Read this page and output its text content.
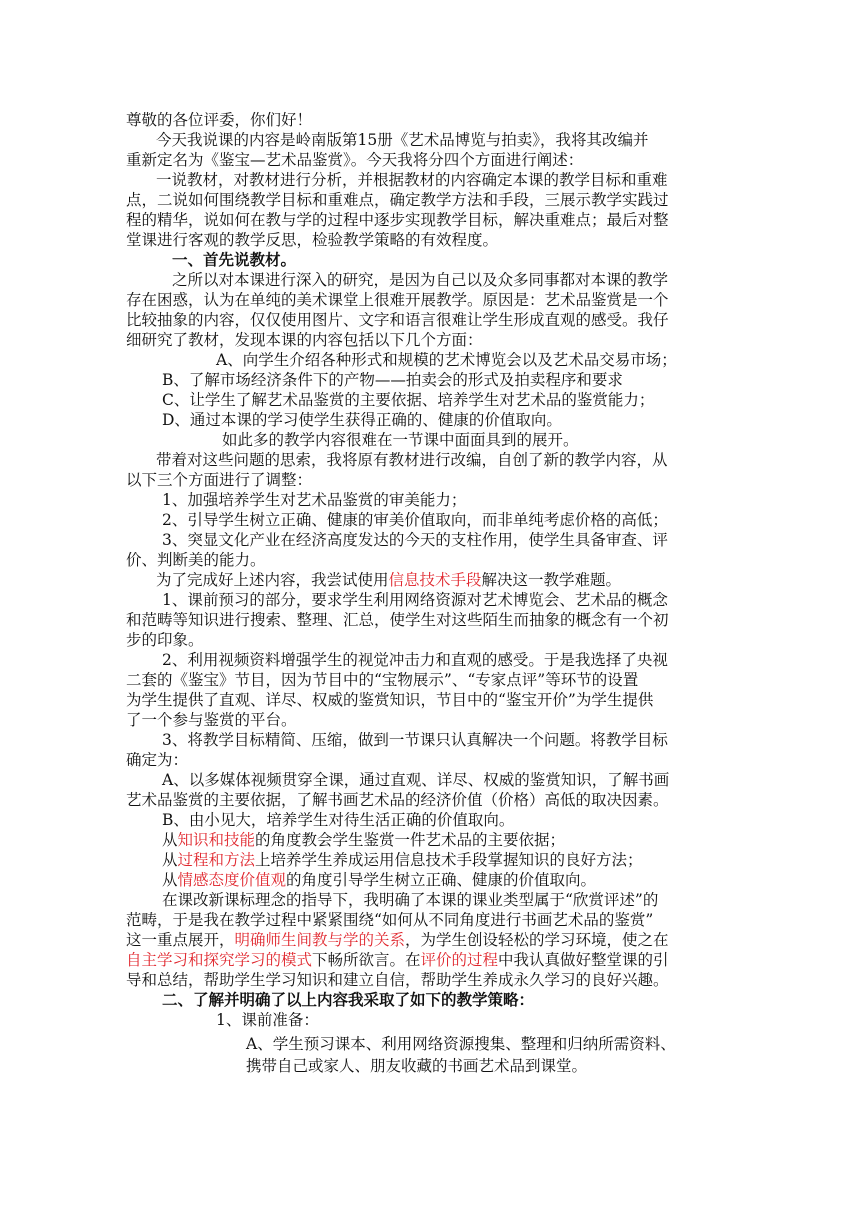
尊敬的各位评委，你们好！
今天我说课的内容是岭南版第15册《艺术品博览与拍卖》，我将其改编并
重新定名为《鉴宝—艺术品鉴赏》。今天我将分四个方面进行阐述：
一说教材，对教材进行分析，并根据教材的内容确定本课的教学目标和重难
点，二说如何围绕教学目标和重难点，确定教学方法和手段，三展示教学实践过
程的精华，说如何在教与学的过程中逐步实现教学目标，解决重难点；最后对整
堂课进行客观的教学反思，检验教学策略的有效程度。
一、首先说教材。
之所以对本课进行深入的研究，是因为自己以及众多同事都对本课的教学
存在困惑，认为在单纯的美术课堂上很难开展教学。原因是：艺术品鉴赏是一个
比较抽象的内容，仅仅使用图片、文字和语言很难让学生形成直观的感受。我仔
细研究了教材，发现本课的内容包括以下几个方面：
A、向学生介绍各种形式和规模的艺术博览会以及艺术品交易市场；
B、了解市场经济条件下的产物——拍卖会的形式及拍卖程序和要求
C、让学生了解艺术品鉴赏的主要依据、培养学生对艺术品的鉴赏能力；
D、通过本课的学习使学生获得正确的、健康的价值取向。
如此多的教学内容很难在一节课中面面具到的展开。
带着对这些问题的思索，我将原有教材进行改编，自创了新的教学内容，从
以下三个方面进行了调整：
1、加强培养学生对艺术品鉴赏的审美能力；
2、引导学生树立正确、健康的审美价值取向，而非单纯考虑价格的高低；
3、突显文化产业在经济高度发达的今天的支柱作用，使学生具备审查、评
价、判断美的能力。
为了完成好上述内容，我尝试使用信息技术手段解决这一教学难题。
1、课前预习的部分，要求学生利用网络资源对艺术博览会、艺术品的概念
和范畴等知识进行搜索、整理、汇总，使学生对这些陌生而抽象的概念有一个初
步的印象。
2、利用视频资料增强学生的视觉冲击力和直观的感受。于是我选择了央视
二套的《鉴宝》节目，因为节目中的“宝物展示”、“专家点评”等环节的设置
为学生提供了直观、详尽、权威的鉴赏知识，节目中的“鉴宝开价”为学生提供
了一个参与鉴赏的平台。
3、将教学目标精简、压缩，做到一节课只认真解决一个问题。将教学目标
确定为：
A、以多媒体视频贯穿全课，通过直观、详尽、权威的鉴赏知识，了解书画
艺术品鉴赏的主要依据，了解书画艺术品的经济价值（价格）高低的取决因素。
B、由小见大，培养学生对待生活正确的价值取向。
从知识和技能的角度教会学生鉴赏一件艺术品的主要依据；
从过程和方法上培养学生养成运用信息技术手段掌握知识的良好方法；
从情感态度价值观的角度引导学生树立正确、健康的价值取向。
在课改新课标理念的指导下，我明确了本课的课业类型属于“欣赏评述”的
范畴，于是我在教学过程中紧紧围绕“如何从不同角度进行书画艺术品的鉴赏”
这一重点展开，明确师生间教与学的关系，为学生创设轻松的学习环境，使之在
自主学习和探究学习的模式下畅所欲言。在评价的过程中我认真做好整堂课的引
导和总结，帮助学生学习知识和建立自信，帮助学生养成永久学习的良好兴趣。
二、了解并明确了以上内容我采取了如下的教学策略：
1、课前准备：
A、学生预习课本、利用网络资源搜集、整理和归纳所需资料、
携带自己或家人、朋友收藏的书画艺术品到课堂。
